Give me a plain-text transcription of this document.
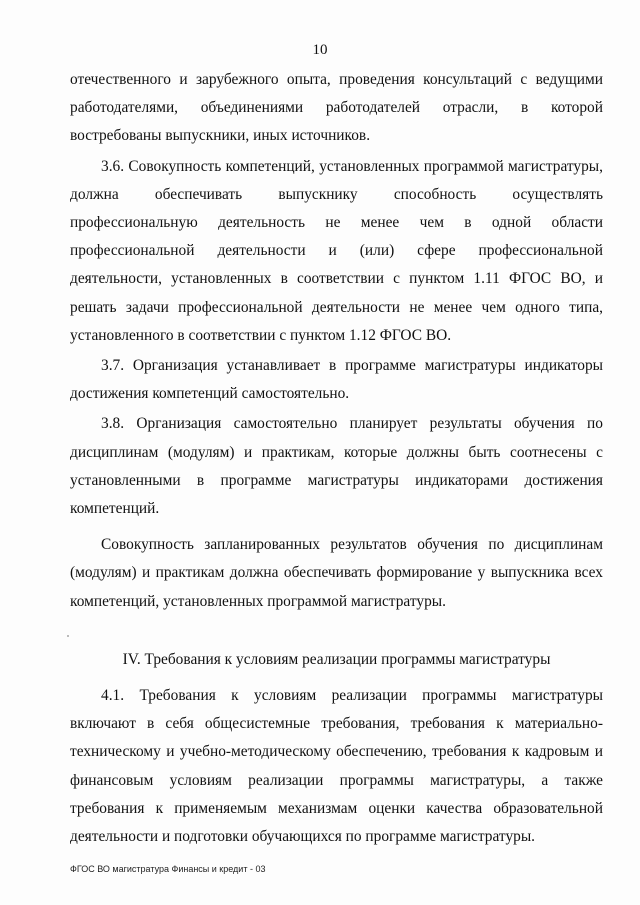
10

отечественного и зарубежного опыта, проведения консультаций с ведущими работодателями, объединениями работодателей отрасли, в которой востребованы выпускники, иных источников.

3.6. Совокупность компетенций, установленных программой магистратуры, должна обеспечивать выпускнику способность осуществлять профессиональную деятельность не менее чем в одной области профессиональной деятельности и (или) сфере профессиональной деятельности, установленных в соответствии с пунктом 1.11 ФГОС ВО, и решать задачи профессиональной деятельности не менее чем одного типа, установленного в соответствии с пунктом 1.12 ФГОС ВО.

3.7. Организация устанавливает в программе магистратуры индикаторы достижения компетенций самостоятельно.

3.8. Организация самостоятельно планирует результаты обучения по дисциплинам (модулям) и практикам, которые должны быть соотнесены с установленными в программе магистратуры индикаторами достижения компетенций.

Совокупность запланированных результатов обучения по дисциплинам (модулям) и практикам должна обеспечивать формирование у выпускника всех компетенций, установленных программой магистратуры.

IV. Требования к условиям реализации программы магистратуры

4.1. Требования к условиям реализации программы магистратуры включают в себя общесистемные требования, требования к материально-техническому и учебно-методическому обеспечению, требования к кадровым и финансовым условиям реализации программы магистратуры, а также требования к применяемым механизмам оценки качества образовательной деятельности и подготовки обучающихся по программе магистратуры.

ФГОС ВО магистратура Финансы и кредит - 03
